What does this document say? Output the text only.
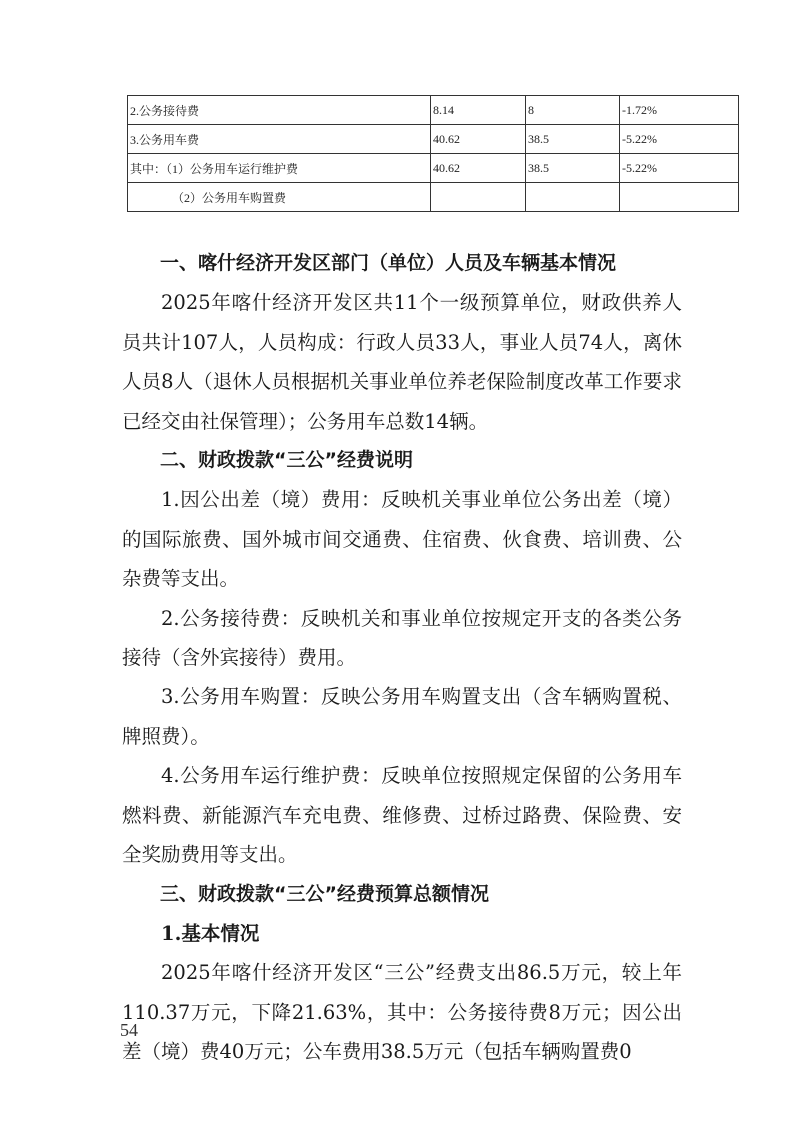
2.公务接待费	8.14	8	-1.72%
3.公务用车费	40.62	38.5	-5.22%
其中：（1）公务用车运行维护费	40.62	38.5	-5.22%
（2）公务用车购置费			

一、喀什经济开发区部门（单位）人员及车辆基本情况

2025年喀什经济开发区共11个一级预算单位，财政供养人员共计107人，人员构成：行政人员33人，事业人员74人，离休人员8人（退休人员根据机关事业单位养老保险制度改革工作要求已经交由社保管理）；公务用车总数14辆。

二、财政拨款“三公”经费说明

1.因公出差（境）费用：反映机关事业单位公务出差（境）的国际旅费、国外城市间交通费、住宿费、伙食费、培训费、公杂费等支出。

2.公务接待费：反映机关和事业单位按规定开支的各类公务接待（含外宾接待）费用。

3.公务用车购置：反映公务用车购置支出（含车辆购置税、牌照费）。

4.公务用车运行维护费：反映单位按照规定保留的公务用车燃料费、新能源汽车充电费、维修费、过桥过路费、保险费、安全奖励费用等支出。

三、财政拨款“三公”经费预算总额情况

1.基本情况

2025年喀什经济开发区“三公”经费支出86.5万元，较上年110.37万元，下降21.63%，其中：公务接待费8万元；因公出差（境）费40万元；公车费用38.5万元（包括车辆购置费0

54
